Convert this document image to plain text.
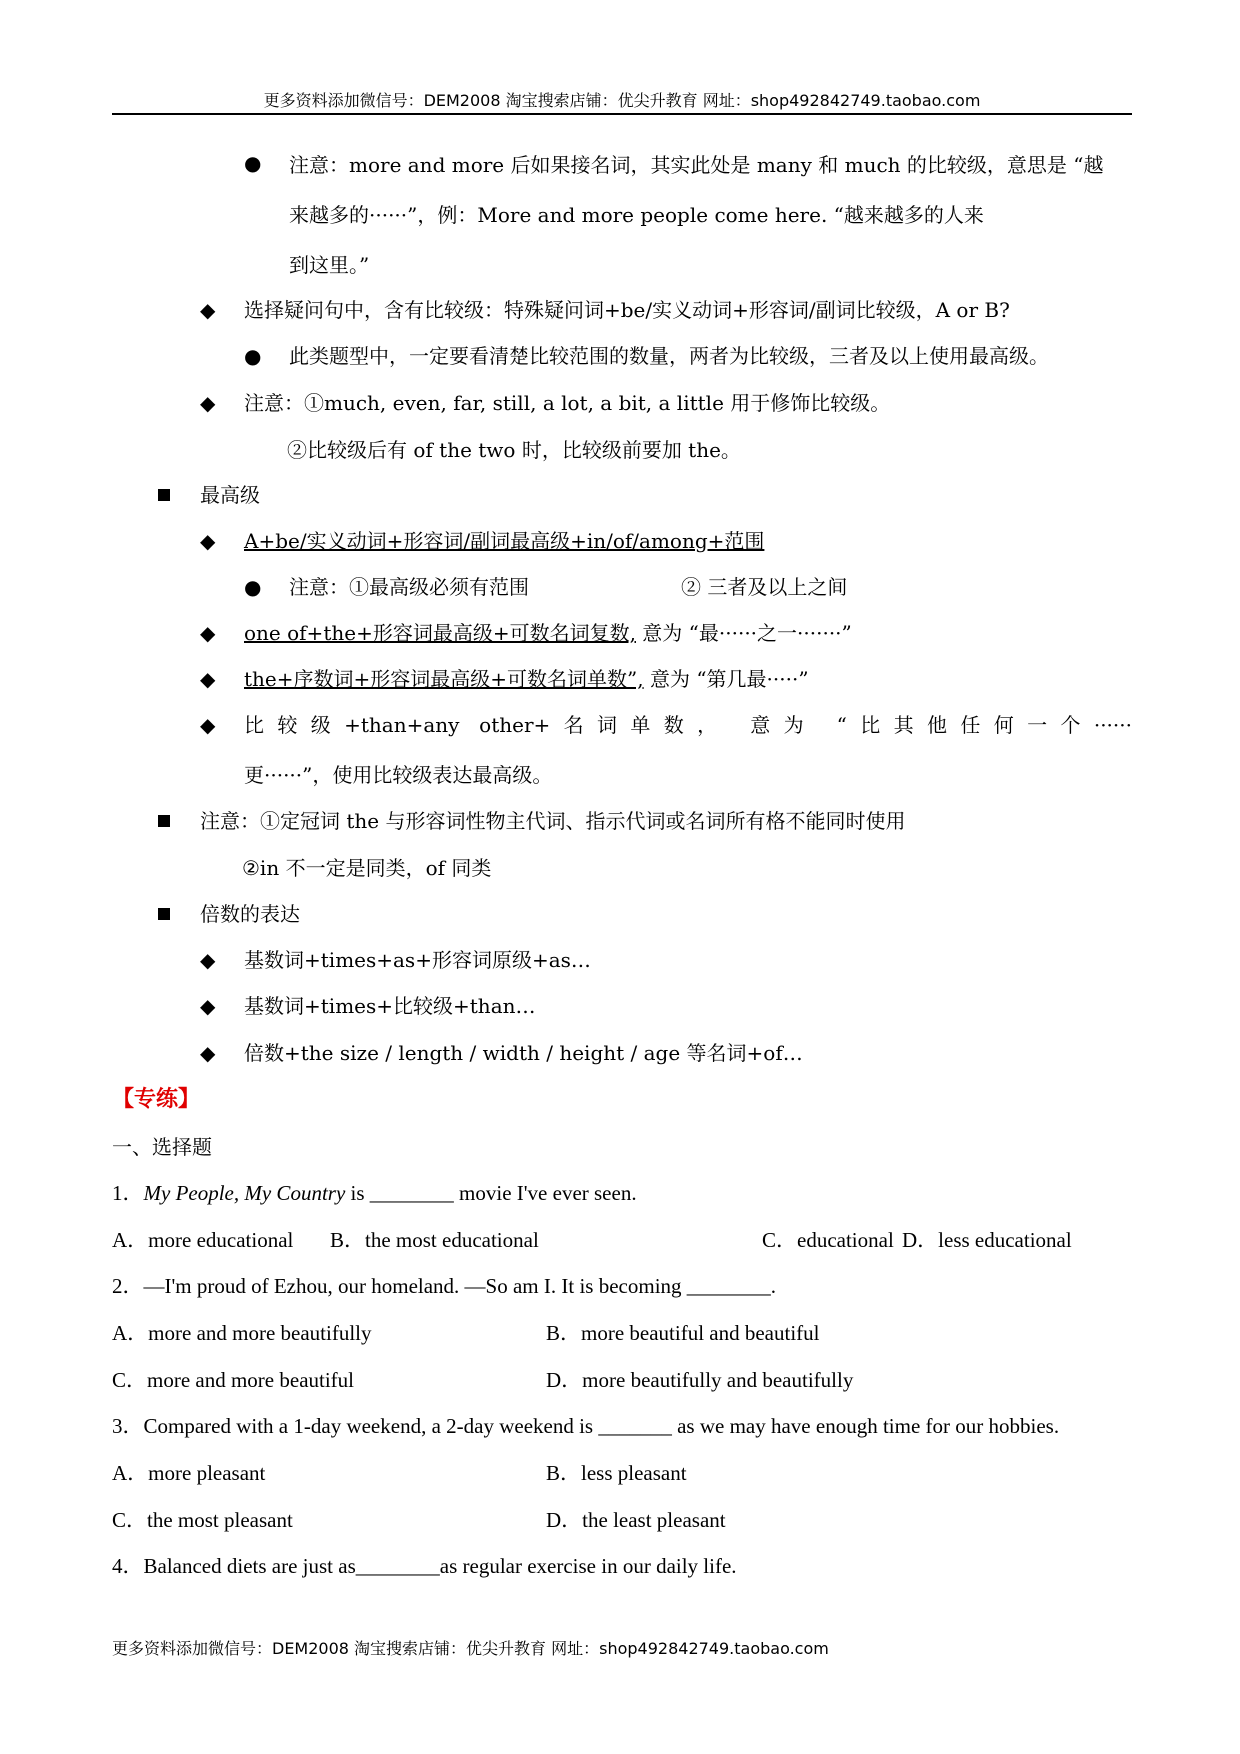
更多资料添加微信号：DEM2008 淘宝搜索店铺：优尖升教育 网址：shop492842749.taobao.com
● 注意：more and more 后如果接名词，其实此处是 many 和 much 的比较级，意思是 “越
来越多的······”，例：More and more people come here. “越来越多的人来
到这里。”
◆ 选择疑问句中，含有比较级：特殊疑问词+be/实义动词+形容词/副词比较级，A or B?
● 此类题型中，一定要看清楚比较范围的数量，两者为比较级，三者及以上使用最高级。
◆ 注意：①much, even, far, still, a lot, a bit, a little 用于修饰比较级。
②比较级后有 of the two 时，比较级前要加 the。
最高级
◆ A+be/实义动词+形容词/副词最高级+in/of/among+范围
● 注意：①最高级必须有范围	② 三者及以上之间
◆ one of+the+形容词最高级+可数名词复数, 意为 “最······之一·······”
◆ the+序数词+形容词最高级+可数名词单数”, 意为 “第几最·····”
◆ 比较级+than+any other+名词单数， 意为 “比其他任何一个······
更······”，使用比较级表达最高级。
注意：①定冠词 the 与形容词性物主代词、指示代词或名词所有格不能同时使用
②in 不一定是同类，of 同类
倍数的表达
◆ 基数词+times+as+形容词原级+as…
◆ 基数词+times+比较级+than…
◆ 倍数+the size / length / width / height / age 等名词+of…
【专练】
一、选择题
1．My People, My Country is ________ movie I've ever seen.
A．more educational B．the most educational	C．educational D．less educational
2．—I'm proud of Ezhou, our homeland. —So am I. It is becoming ________.
A．more and more beautifully	B．more beautiful and beautiful
C．more and more beautiful	D．more beautifully and beautifully
3．Compared with a 1-day weekend, a 2-day weekend is _______ as we may have enough time for our hobbies.
A．more pleasant	B．less pleasant
C．the most pleasant	D．the least pleasant
4．Balanced diets are just as________as regular exercise in our daily life.
更多资料添加微信号：DEM2008 淘宝搜索店铺：优尖升教育 网址：shop492842749.taobao.com
